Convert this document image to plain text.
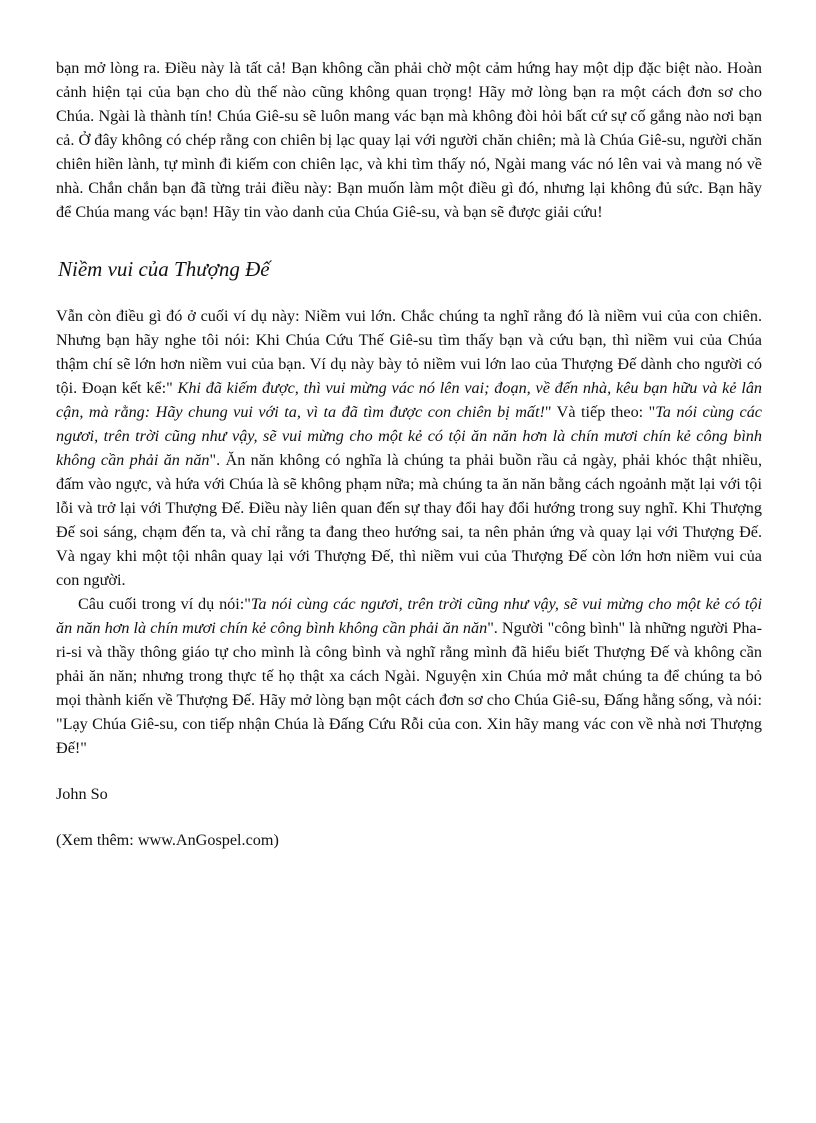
bạn mở lòng ra. Điều này là tất cả! Bạn không cần phải chờ một cảm hứng hay một dịp đặc biệt nào. Hoàn cảnh hiện tại của bạn cho dù thế nào cũng không quan trọng! Hãy mở lòng bạn ra một cách đơn sơ cho Chúa. Ngài là thành tín! Chúa Giê-su sẽ luôn mang vác bạn mà không đòi hỏi bất cứ sự cố gắng nào nơi bạn cả. Ở đây không có chép rằng con chiên bị lạc quay lại với người chăn chiên; mà là Chúa Giê-su, người chăn chiên hiền lành, tự mình đi kiếm con chiên lạc, và khi tìm thấy nó, Ngài mang vác nó lên vai và mang nó về nhà. Chắn chắn bạn đã từng trải điều này: Bạn muốn làm một điều gì đó, nhưng lại không đủ sức. Bạn hãy để Chúa mang vác bạn! Hãy tin vào danh của Chúa Giê-su, và bạn sẽ được giải cứu!

Niềm vui của Thượng Đế

Vẫn còn điều gì đó ở cuối ví dụ này: Niềm vui lớn. Chắc chúng ta nghĩ rằng đó là niềm vui của con chiên. Nhưng bạn hãy nghe tôi nói: Khi Chúa Cứu Thế Giê-su tìm thấy bạn và cứu bạn, thì niềm vui của Chúa thậm chí sẽ lớn hơn niềm vui của bạn. Ví dụ này bày tỏ niềm vui lớn lao của Thượng Đế dành cho người có tội. Đoạn kết kể:" Khi đã kiếm được, thì vui mừng vác nó lên vai; đoạn, về đến nhà, kêu bạn hữu và kẻ lân cận, mà rằng: Hãy chung vui với ta, vì ta đã tìm được con chiên bị mất!" Và tiếp theo: "Ta nói cùng các ngươi, trên trời cũng như vậy, sẽ vui mừng cho một kẻ có tội ăn năn hơn là chín mươi chín kẻ công bình không cần phải ăn năn". Ăn năn không có nghĩa là chúng ta phải buồn rầu cả ngày, phải khóc thật nhiều, đấm vào ngực, và hứa với Chúa là sẽ không phạm nữa; mà chúng ta ăn năn bằng cách ngoảnh mặt lại với tội lỗi và trở lại với Thượng Đế. Điều này liên quan đến sự thay đổi hay đổi hướng trong suy nghĩ. Khi Thượng Đế soi sáng, chạm đến ta, và chỉ rằng ta đang theo hướng sai, ta nên phản ứng và quay lại với Thượng Đế. Và ngay khi một tội nhân quay lại với Thượng Đế, thì niềm vui của Thượng Đế còn lớn hơn niềm vui của con người.

Câu cuối trong ví dụ nói:"Ta nói cùng các ngươi, trên trời cũng như vậy, sẽ vui mừng cho một kẻ có tội ăn năn hơn là chín mươi chín kẻ công bình không cần phải ăn năn". Người "công bình" là những người Pha-ri-si và thầy thông giáo tự cho mình là công bình và nghĩ rằng mình đã hiểu biết Thượng Đế và không cần phải ăn năn; nhưng trong thực tế họ thật xa cách Ngài. Nguyện xin Chúa mở mắt chúng ta để chúng ta bỏ mọi thành kiến về Thượng Đế. Hãy mở lòng bạn một cách đơn sơ cho Chúa Giê-su, Đấng hằng sống, và nói: "Lạy Chúa Giê-su, con tiếp nhận Chúa là Đấng Cứu Rỗi của con. Xin hãy mang vác con về nhà nơi Thượng Đế!"

John So

(Xem thêm: www.AnGospel.com)
